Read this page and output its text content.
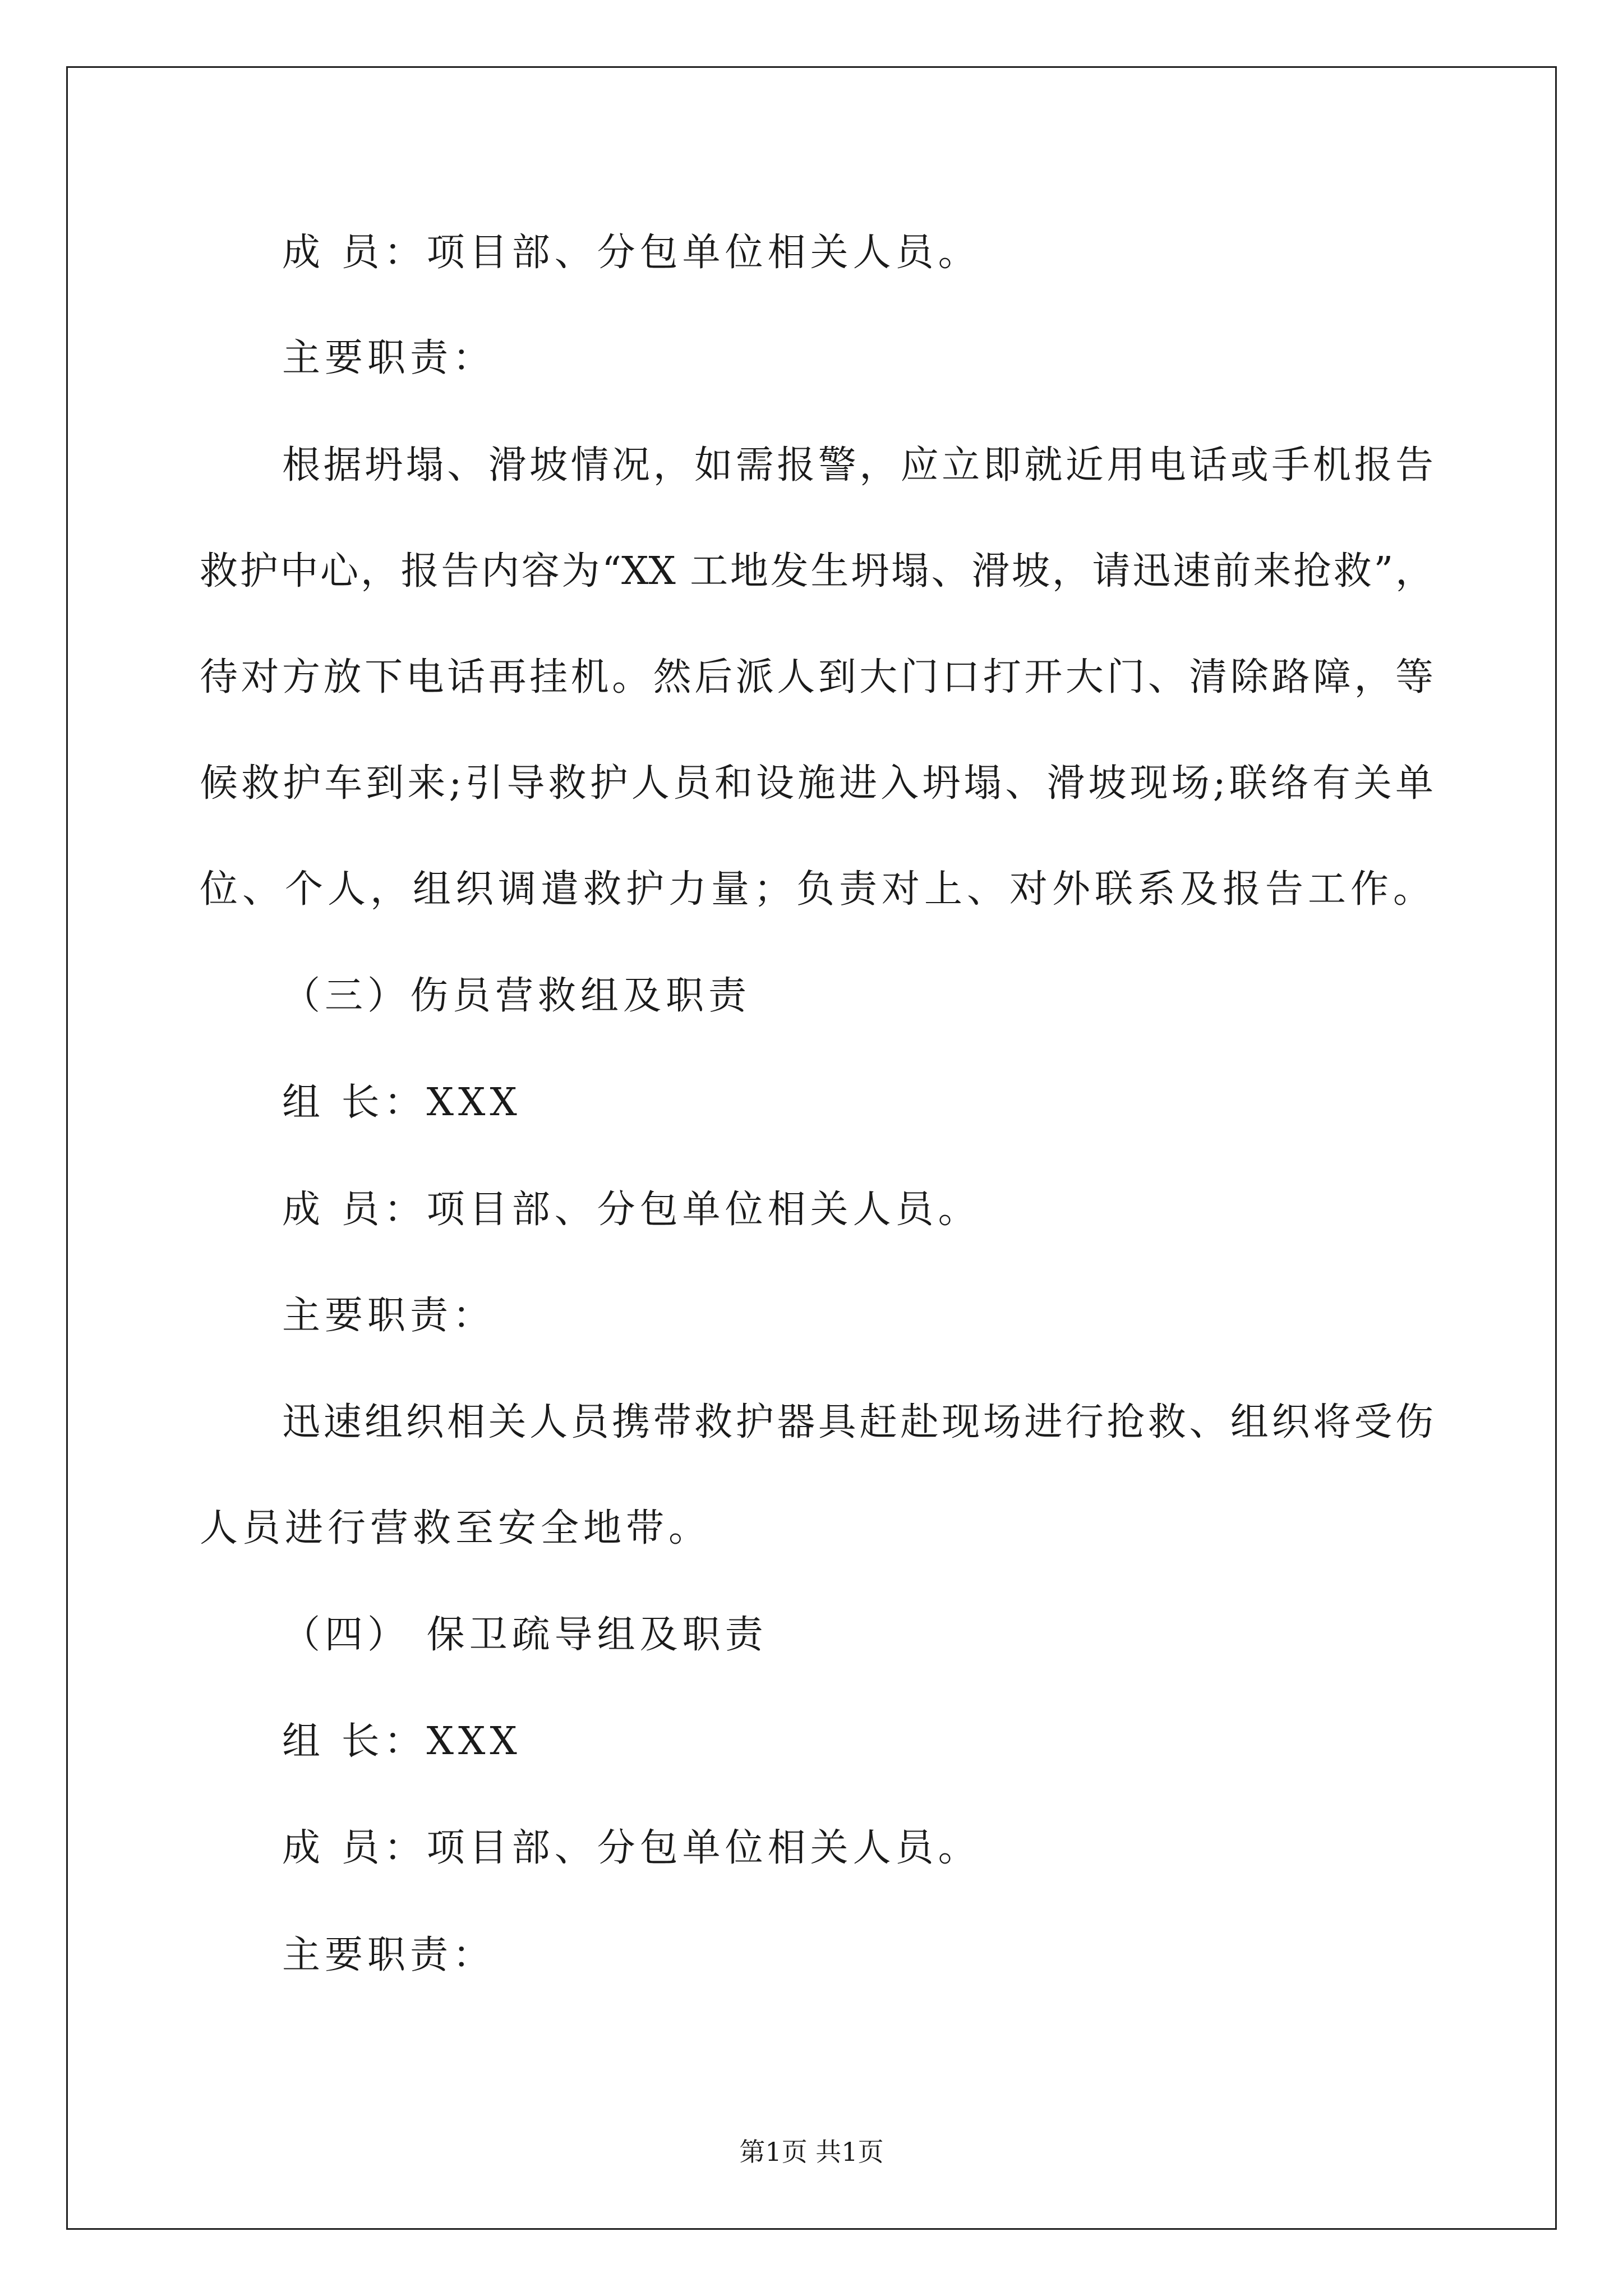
成 员：项目部、分包单位相关人员。
主要职责：
根据坍塌、滑坡情况，如需报警，应立即就近用电话或手机报告
救护中心，报告内容为“XX 工地发生坍塌、滑坡，请迅速前来抢救”，
待对方放下电话再挂机。然后派人到大门口打开大门、清除路障，等
候救护车到来;引导救护人员和设施进入坍塌、滑坡现场;联络有关单
位、个人，组织调遣救护力量；负责对上、对外联系及报告工作。
（三）伤员营救组及职责
组 长：XXX
成 员：项目部、分包单位相关人员。
主要职责：
迅速组织相关人员携带救护器具赶赴现场进行抢救、组织将受伤
人员进行营救至安全地带。
（四） 保卫疏导组及职责
组 长：XXX
成 员：项目部、分包单位相关人员。
主要职责：
第1页 共1页
